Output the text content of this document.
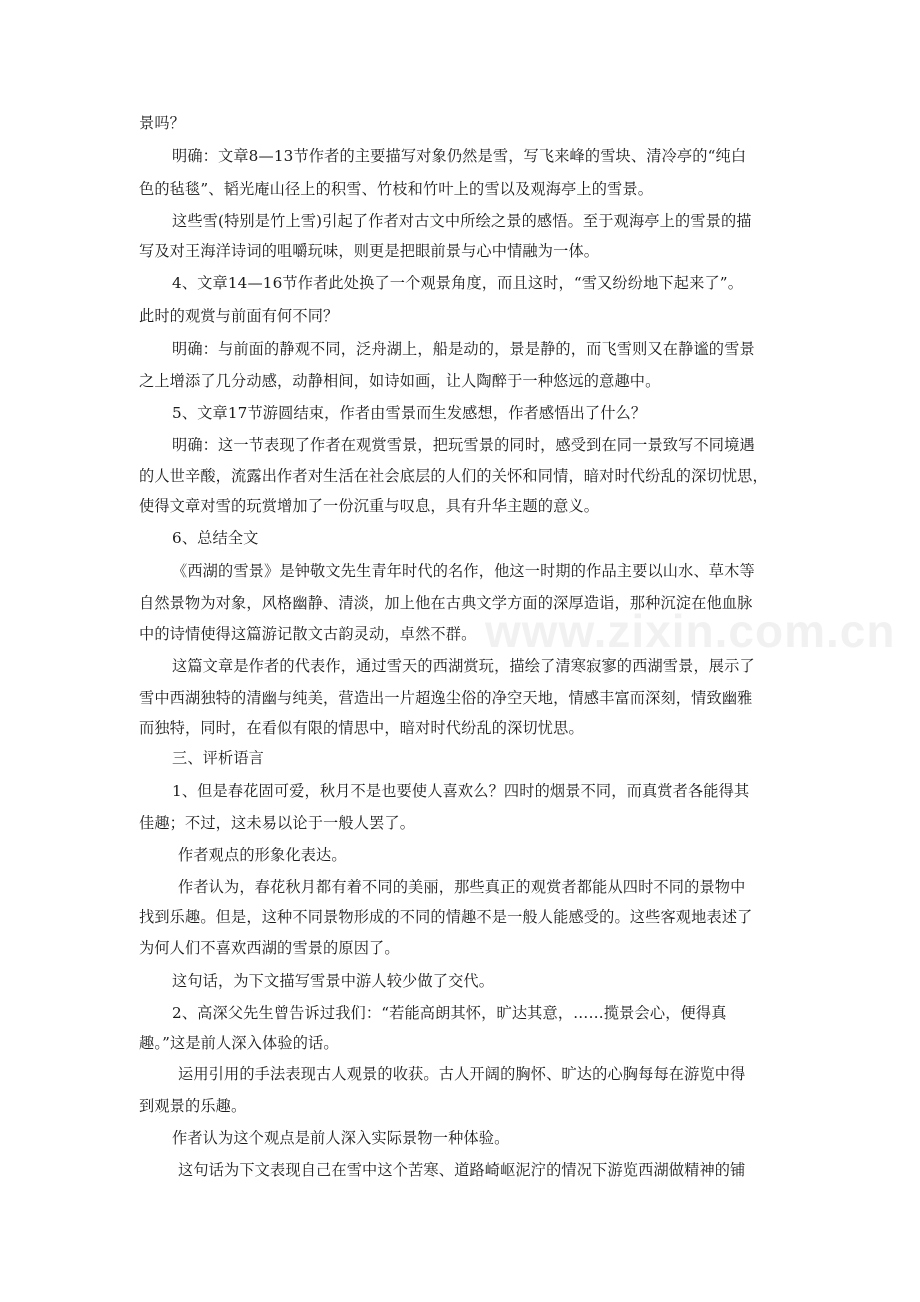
www.zixin.com.cn
景吗？
明确：文章8—13节作者的主要描写对象仍然是雪，写飞来峰的雪块、清冷亭的“纯白
色的毡毯”、韬光庵山径上的积雪、竹枝和竹叶上的雪以及观海亭上的雪景。
这些雪(特别是竹上雪)引起了作者对古文中所绘之景的感悟。至于观海亭上的雪景的描
写及对王海洋诗词的咀嚼玩味，则更是把眼前景与心中情融为一体。
4、文章14—16节作者此处换了一个观景角度，而且这时，“雪又纷纷地下起来了”。
此时的观赏与前面有何不同？
明确：与前面的静观不同，泛舟湖上，船是动的，景是静的，而飞雪则又在静谧的雪景
之上增添了几分动感，动静相间，如诗如画，让人陶醉于一种悠远的意趣中。
5、文章17节游圆结束，作者由雪景而生发感想，作者感悟出了什么？
明确：这一节表现了作者在观赏雪景，把玩雪景的同时，感受到在同一景致写不同境遇
的人世辛酸，流露出作者对生活在社会底层的人们的关怀和同情，暗对时代纷乱的深切忧思，
使得文章对雪的玩赏增加了一份沉重与叹息，具有升华主题的意义。
6、总结全文
《西湖的雪景》是钟敬文先生青年时代的名作，他这一时期的作品主要以山水、草木等
自然景物为对象，风格幽静、清淡，加上他在古典文学方面的深厚造诣，那种沉淀在他血脉
中的诗情使得这篇游记散文古韵灵动，卓然不群。
这篇文章是作者的代表作，通过雪天的西湖赏玩，描绘了清寒寂寥的西湖雪景，展示了
雪中西湖独特的清幽与纯美，营造出一片超逸尘俗的净空天地，情感丰富而深刻，情致幽雅
而独特，同时，在看似有限的情思中，暗对时代纷乱的深切忧思。
三、评析语言
1、但是春花固可爱，秋月不是也要使人喜欢么？四时的烟景不同，而真赏者各能得其
佳趣；不过，这未易以论于一般人罢了。
作者观点的形象化表达。
作者认为，春花秋月都有着不同的美丽，那些真正的观赏者都能从四时不同的景物中
找到乐趣。但是，这种不同景物形成的不同的情趣不是一般人能感受的。这些客观地表述了
为何人们不喜欢西湖的雪景的原因了。
这句话，为下文描写雪景中游人较少做了交代。
2、高深父先生曾告诉过我们：“若能高朗其怀，旷达其意，……揽景会心，便得真
趣。”这是前人深入体验的话。
运用引用的手法表现古人观景的收获。古人开阔的胸怀、旷达的心胸每每在游览中得
到观景的乐趣。
作者认为这个观点是前人深入实际景物一种体验。
这句话为下文表现自己在雪中这个苦寒、道路崎岖泥泞的情况下游览西湖做精神的铺
